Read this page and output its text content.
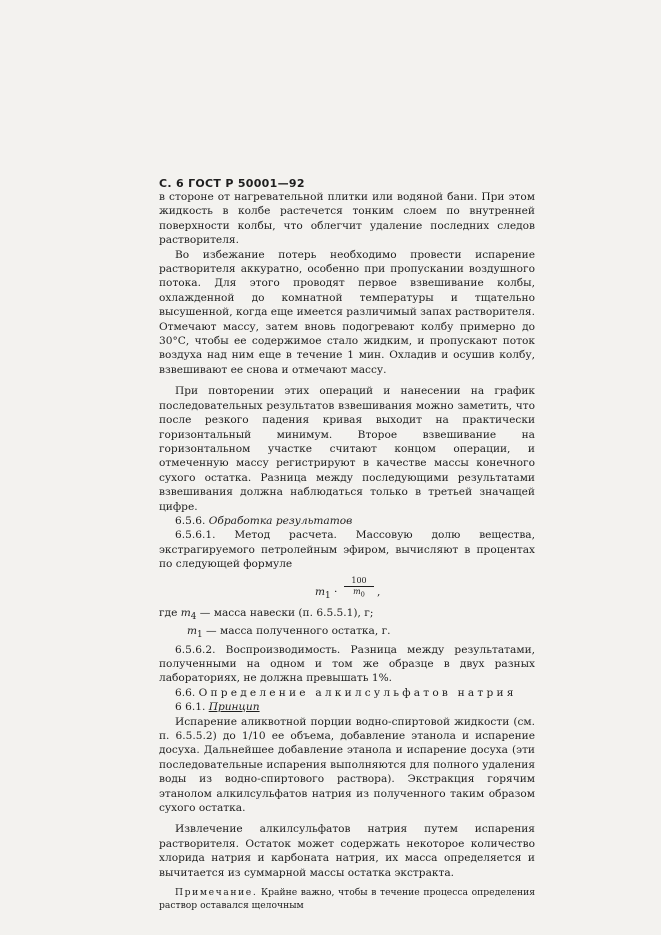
С. 6 ГОСТ Р 50001—92

в стороне от нагревательной плитки или водяной бани. При этом жидкость в колбе растечется тонким слоем по внутренней поверхности колбы, что облегчит удаление последних следов растворителя.

Во избежание потерь необходимо провести испарение растворителя аккуратно, особенно при пропускании воздушного потока. Для этого проводят первое взвешивание колбы, охлажденной до комнатной температуры и тщательно высушенной, когда еще имеется различимый запах растворителя. Отмечают массу, затем вновь подогревают колбу примерно до 30°С, чтобы ее содержимое стало жидким, и пропускают поток воздуха над ним еще в течение 1 мин. Охладив и осушив колбу, взвешивают ее снова и отмечают массу.

При повторении этих операций и нанесении на график последовательных результатов взвешивания можно заметить, что после резкого падения кривая выходит на практически горизонтальный минимум. Второе взвешивание на горизонтальном участке считают концом операции, и отмеченную массу регистрируют в качестве массы конечного сухого остатка. Разница между последующими результатами взвешивания должна наблюдаться только в третьей значащей цифре.

6.5.6. Обработка результатов

6.5.6.1. Метод расчета. Массовую долю вещества, экстрагируемого петролейным эфиром, вычисляют в процентах по следующей формуле

$m_1 \cdot \frac{100}{m_0}$ ,

где $m_4$ — масса навески (п. 6.5.5.1), г;

$m_1$ — масса полученного остатка, г.

6.5.6.2. Воспроизводимость. Разница между результатами, полученными на одном и том же образце в двух разных лабораториях, не должна превышать 1%.

6.6. Определение алкилсульфатов натрия

6 6.1. Принцип

Испарение аликвотной порции водно-спиртовой жидкости (см. п. 6.5.5.2) до 1/10 ее объема, добавление этанола и испарение досуха. Дальнейшее добавление этанола и испарение досуха (эти последовательные испарения выполняются для полного удаления воды из водно-спиртового раствора). Экстракция горячим этанолом алкилсульфатов натрия из полученного таким образом сухого остатка.

Извлечение алкилсульфатов натрия путем испарения растворителя. Остаток может содержать некоторое количество хлорида натрия и карбоната натрия, их масса определяется и вычитается из суммарной массы остатка экстракта.

Примечание. Крайне важно, чтобы в течение процесса определения раствор оставался щелочным
